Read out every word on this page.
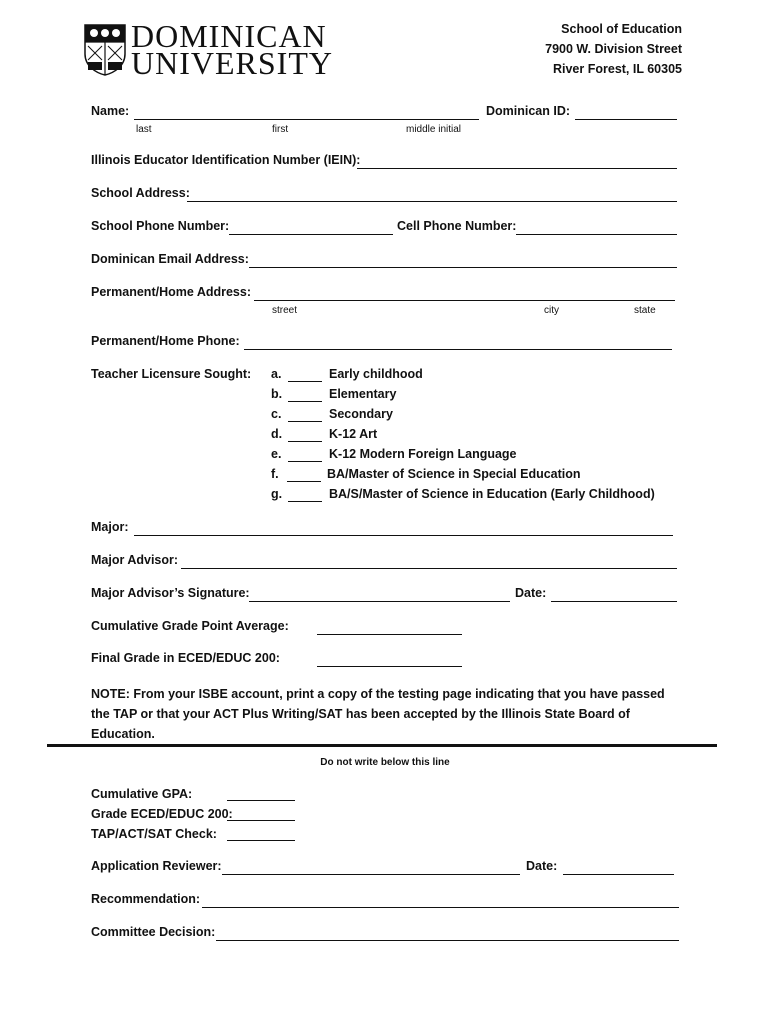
DOMINICAN
UNIVERSITY
School of Education
7900 W. Division Street
River Forest, IL 60305
Name:	Dominican ID:
last	first	middle initial
Illinois Educator Identification Number (IEIN):
School Address:
School Phone Number:	Cell Phone Number:
Dominican Email Address:
Permanent/Home Address:
street	city	state
Permanent/Home Phone:
Teacher Licensure Sought: a.	Early childhood
b.	Elementary
c.	Secondary
d.	K-12 Art
e.	K-12 Modern Foreign Language
f.	BA/Master of Science in Special Education
g.	BA/S/Master of Science in Education (Early Childhood)
Major:
Major Advisor:
Major Advisor’s Signature:	Date:
Cumulative Grade Point Average:
Final Grade in ECED/EDUC 200:
NOTE: From your ISBE account, print a copy of the testing page indicating that you have passed the TAP or that your ACT Plus Writing/SAT has been accepted by the Illinois State Board of Education.
Do not write below this line
Cumulative GPA:
Grade ECED/EDUC 200:
TAP/ACT/SAT Check:
Application Reviewer:	Date:
Recommendation:
Committee Decision:
